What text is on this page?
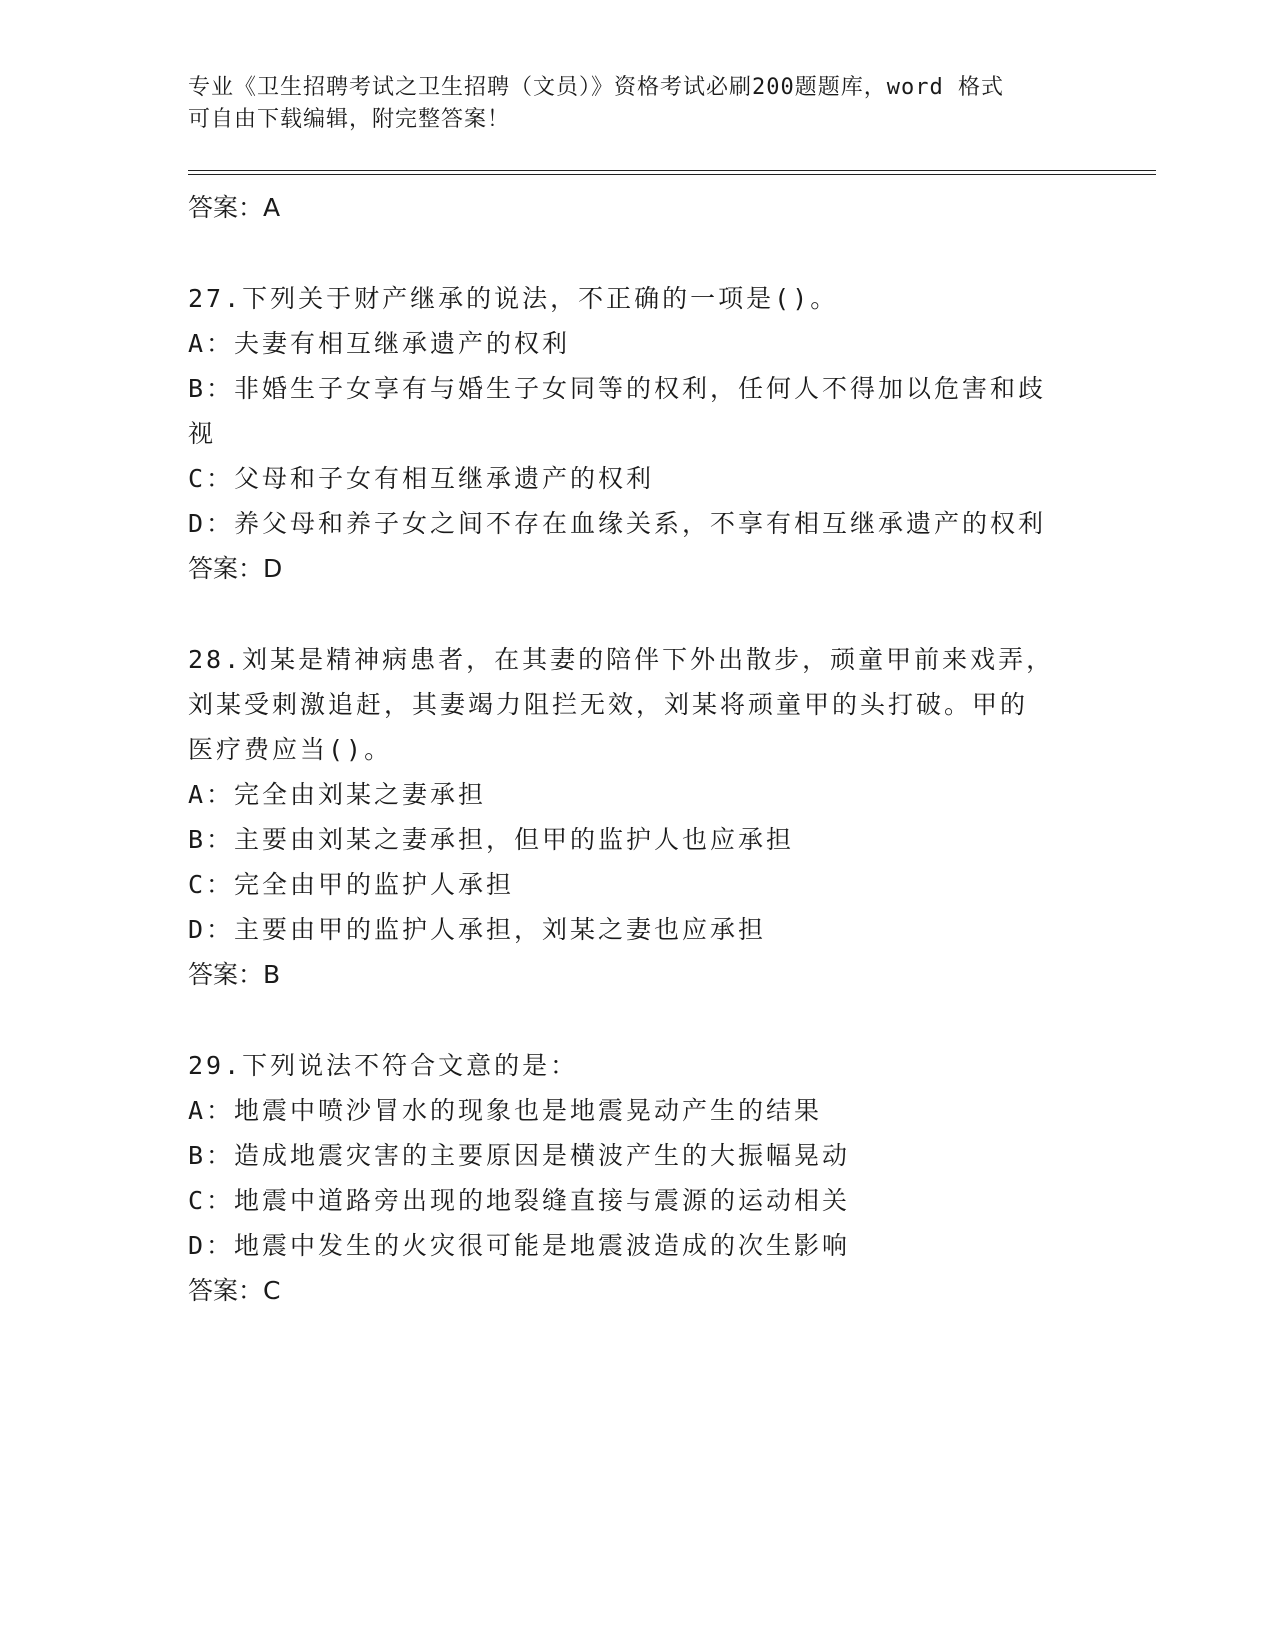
专业《卫生招聘考试之卫生招聘（文员）》资格考试必刷200题题库，word 格式
可自由下载编辑，附完整答案！

答案：A

27.下列关于财产继承的说法，不正确的一项是()。

A：夫妻有相互继承遗产的权利

B：非婚生子女享有与婚生子女同等的权利，任何人不得加以危害和歧

视

C：父母和子女有相互继承遗产的权利

D：养父母和养子女之间不存在血缘关系，不享有相互继承遗产的权利

答案：D

28.刘某是精神病患者，在其妻的陪伴下外出散步，顽童甲前来戏弄，

刘某受刺激追赶，其妻竭力阻拦无效，刘某将顽童甲的头打破。甲的

医疗费应当()。

A：完全由刘某之妻承担

B：主要由刘某之妻承担，但甲的监护人也应承担

C：完全由甲的监护人承担

D：主要由甲的监护人承担，刘某之妻也应承担

答案：B

29.下列说法不符合文意的是：

A：地震中喷沙冒水的现象也是地震晃动产生的结果

B：造成地震灾害的主要原因是横波产生的大振幅晃动

C：地震中道路旁出现的地裂缝直接与震源的运动相关

D：地震中发生的火灾很可能是地震波造成的次生影响

答案：C
